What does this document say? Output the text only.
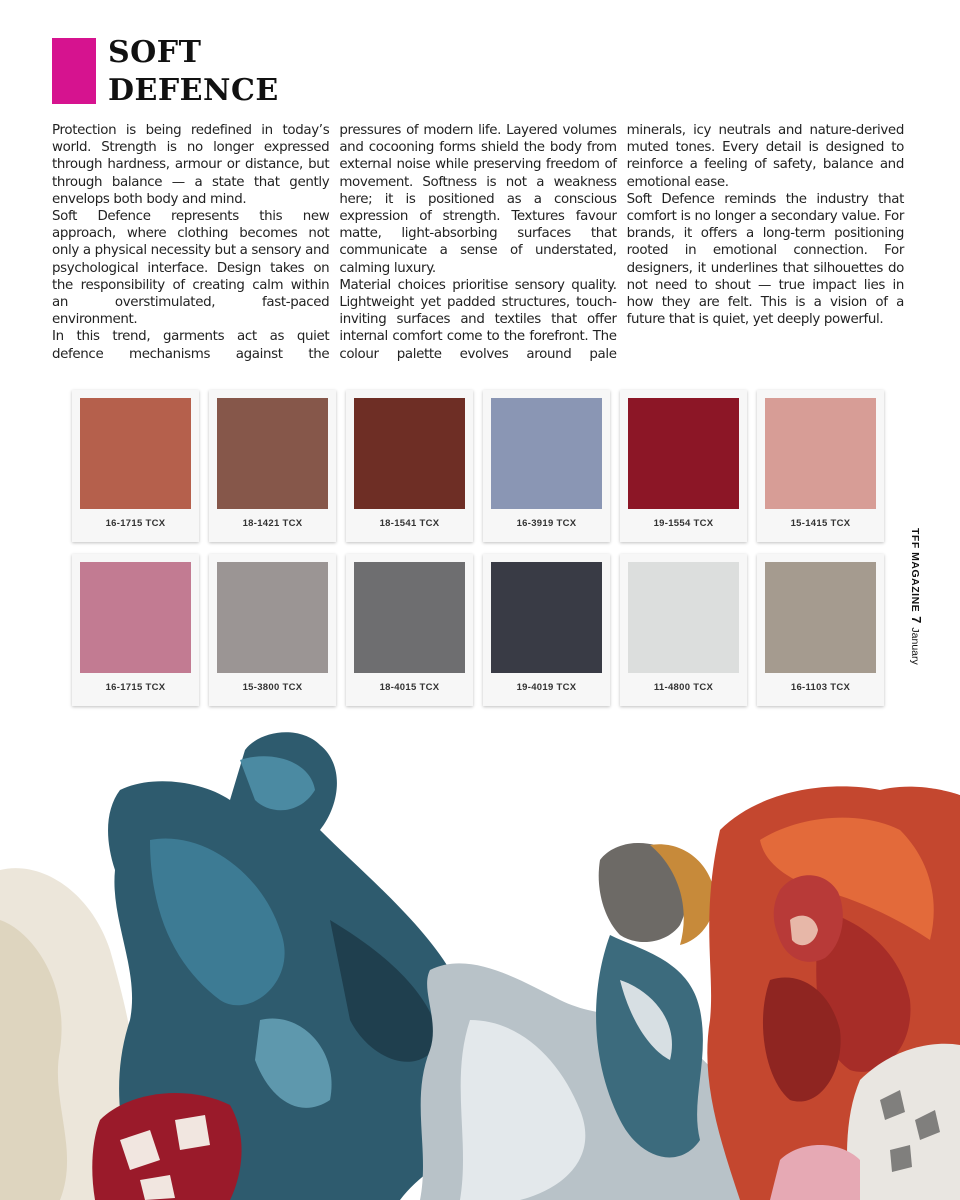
SOFT
DEFENCE

Protection is being redefined in today’s world. Strength is no longer expressed through hardness, armour or distance, but through balance — a state that gently envelops both body and mind.

Soft Defence represents this new approach, where clothing becomes not only a physical necessity but a sensory and psychological interface. Design takes on the responsibility of creating calm within an overstimulated, fast-paced environment.

In this trend, garments act as quiet defence mechanisms against the pressures of modern life. Layered volumes and cocooning forms shield the body from external noise while preserving freedom of movement. Softness is not a weakness here; it is positioned as a conscious expression of strength. Textures favour matte, light-absorbing surfaces that communicate a sense of understated, calming luxury.

Material choices prioritise sensory quality. Lightweight yet padded structures, touch-inviting surfaces and textiles that offer internal comfort come to the forefront. The colour palette evolves around pale minerals, icy neutrals and nature-derived muted tones. Every detail is designed to reinforce a feeling of safety, balance and emotional ease.

Soft Defence reminds the industry that comfort is no longer a secondary value. For brands, it offers a long-term positioning rooted in emotional connection. For designers, it underlines that silhouettes do not need to shout — true impact lies in how they are felt. This is a vision of a future that is quiet, yet deeply powerful.

16-1715 TCX	18-1421 TCX	18-1541 TCX	16-3919 TCX	19-1554 TCX	15-1415 TCX
16-1715 TCX	15-3800 TCX	18-4015 TCX	19-4019 TCX	11-4800 TCX	16-1103 TCX
TFF MAGAZINE7January
